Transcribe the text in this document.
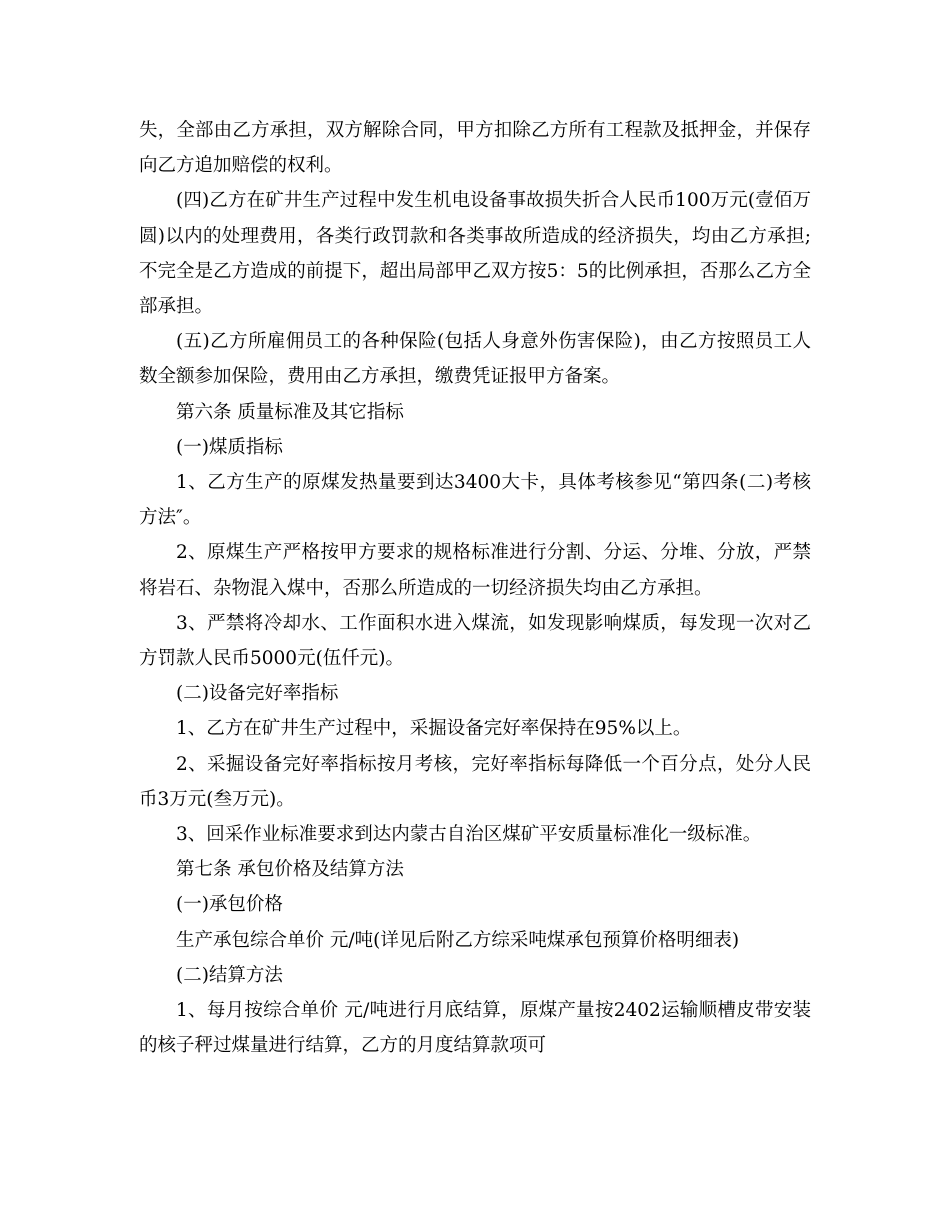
失，全部由乙方承担，双方解除合同，甲方扣除乙方所有工程款及抵押金，并保存向乙方追加赔偿的权利。

(四)乙方在矿井生产过程中发生机电设备事故损失折合人民币100万元(壹佰万圆)以内的处理费用，各类行政罚款和各类事故所造成的经济损失，均由乙方承担;不完全是乙方造成的前提下，超出局部甲乙双方按5：5的比例承担，否那么乙方全部承担。

(五)乙方所雇佣员工的各种保险(包括人身意外伤害保险)，由乙方按照员工人数全额参加保险，费用由乙方承担，缴费凭证报甲方备案。

第六条 质量标准及其它指标

(一)煤质指标

1、乙方生产的原煤发热量要到达3400大卡，具体考核参见“第四条(二)考核方法″。

2、原煤生产严格按甲方要求的规格标准进行分割、分运、分堆、分放，严禁将岩石、杂物混入煤中，否那么所造成的一切经济损失均由乙方承担。

3、严禁将冷却水、工作面积水进入煤流，如发现影响煤质，每发现一次对乙方罚款人民币5000元(伍仟元)。

(二)设备完好率指标

1、乙方在矿井生产过程中，采掘设备完好率保持在95%以上。

2、采掘设备完好率指标按月考核，完好率指标每降低一个百分点，处分人民币3万元(叁万元)。

3、回采作业标准要求到达内蒙古自治区煤矿平安质量标准化一级标准。

第七条 承包价格及结算方法

(一)承包价格

生产承包综合单价 元/吨(详见后附乙方综采吨煤承包预算价格明细表)

(二)结算方法

1、每月按综合单价 元/吨进行月底结算，原煤产量按2402运输顺槽皮带安装的核子秤过煤量进行结算，乙方的月度结算款项可
